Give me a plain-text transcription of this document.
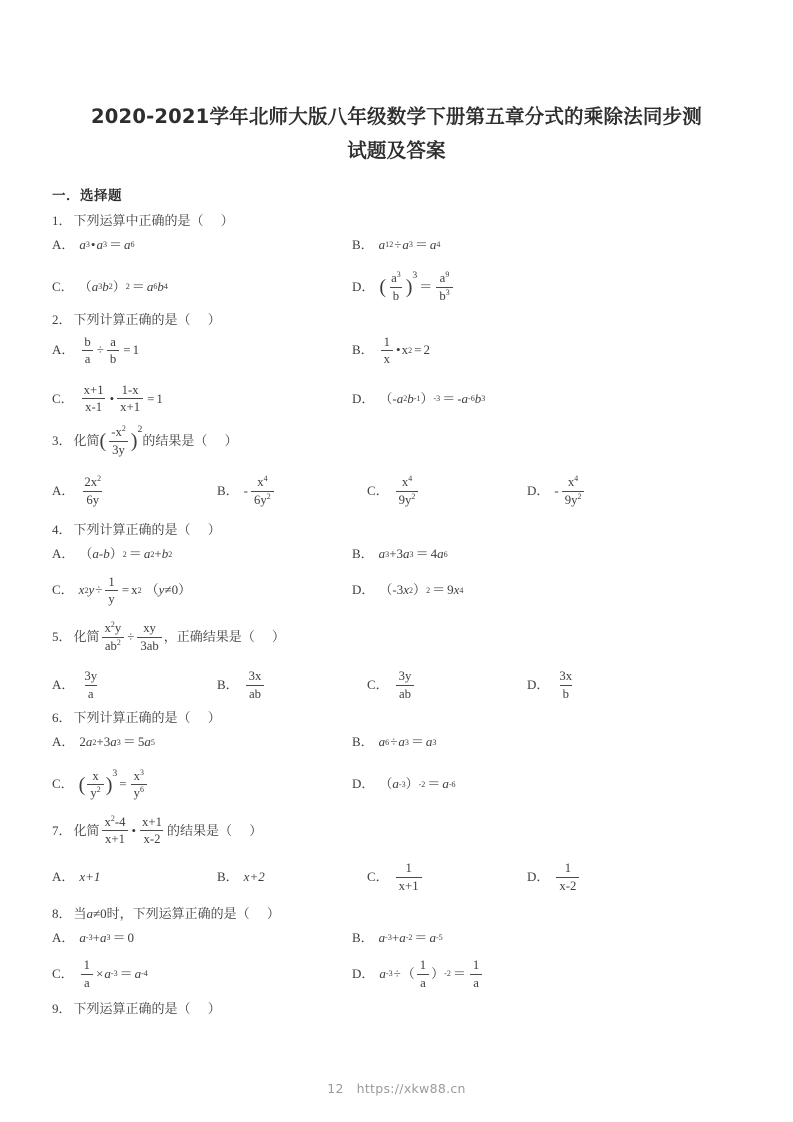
2020-2021学年北师大版八年级数学下册第五章分式的乘除法同步测
试题及答案
一．选择题
1． 下列运算中正确的是（
）
A． a 3 • a 3 ＝ a 6	B． a 12 ÷ a 3 ＝ a 4
C． （ a 3 b 2 ） 2 ＝ a 6 b 4	D． ( $\frac{a^3}{b}$ )
3
＝ $\frac{a^9}{b^3}$
2． 下列计算正确的是（
）
A． $\frac{b}{a} \div \frac{a}{b} = 1$	B． $\frac{1}{x}$ • x 2 = 2
C． $\frac{x+1}{x-1}$ • $\frac{1-x}{x+1} = 1$	D． （- a 2 b -1 ） -3 ＝ - a -6 b 3
3． 化简 ( $\frac{-x^2}{3y}$ )
2
的结果是（
）
A． $\frac{2x^2}{6y}$	B． - $\frac{x^4}{6y^2}$	C． $\frac{x^4}{9y^2}$	D． - $\frac{x^4}{9y^2}$
4． 下列计算正确的是（
）
A． （ a - b ） 2 ＝ a 2 + b 2	B． a 3 +3 a 3 ＝ 4 a 6
C． x 2 $y \div \frac{1}{y} = x$ 2 （y≠0）	D． （-3 x 2 ） 2 ＝ 9 x 4
5． 化简 $\frac{x^2y}{ab^2} \div \frac{xy}{3ab}$ ，正确结果是（
）
A． $\frac{3y}{a}$	B． $\frac{3x}{ab}$	C． $\frac{3y}{ab}$	D． $\frac{3x}{b}$
6． 下列计算正确的是（
）
A． 2 a 2 +3 a 3 ＝ 5 a 5	B． a 6 ÷ a 3 ＝ a 3
C． ( $\frac{x}{y^2}$ )
3
= $\frac{x^3}{y^6}$	D． （ a -3 ） -2 ＝ a -6
7． 化简 $\frac{x^2-4}{x+1}$ • $\frac{x+1}{x-2}$ 的结果是（
）
A． x+1	B． x+2	C． $\frac{1}{x+1}$	D． $\frac{1}{x-2}$
8． 当a≠0时，下列运算正确的是（
）
A． a -3 + a 3 ＝ 0	B． a -3 + a -2 ＝ a -5
C． $\frac{1}{a} \times a$ -3 ＝ a -4	D． a -3 ÷ （ $\frac{1}{a}$ ） $-2 = \frac{1}{a}$
9． 下列运算正确的是（
）
12 https://xkw88.cn
